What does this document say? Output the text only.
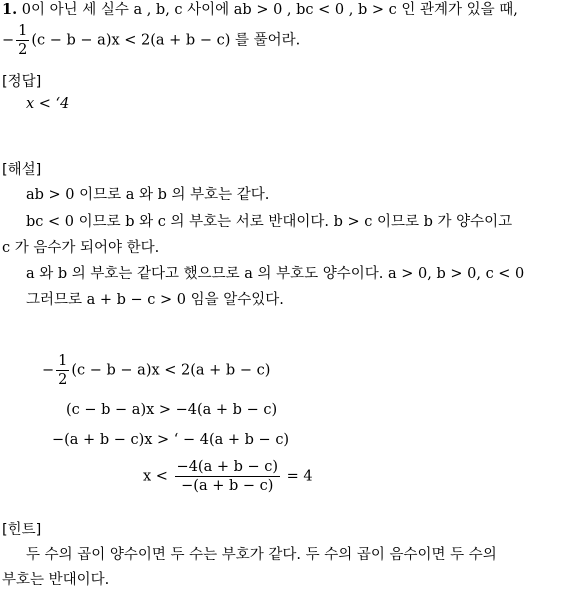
1. 0이 아닌 세 실수 a , b, c 사이에 ab > 0 , bc < 0 , b > c 인 관계가 있을 때,
− $\frac{1}{2} (c - b - a)x < 2(a + b - c)$ 를 풀어라.
[정답]
x < ‘4
[해설]
ab > 0 이므로 a 와 b 의 부호는 같다.
bc < 0 이므로 b 와 c 의 부호는 서로 반대이다. b > c 이므로 b 가 양수이고
c 가 음수가 되어야 한다.
a 와 b 의 부호는 같다고 했으므로 a 의 부호도 양수이다. a > 0, b > 0, c < 0
그러므로 a + b − c > 0 임을 알수있다.
− $\frac{1}{2} (c - b - a)x < 2(a + b - c)$
(c − b − a)x > −4(a + b − c)
−(a + b − c)x > ‘ − 4(a + b − c)
$x < \frac{-4(a + b - c)}{-(a + b - c)} = 4$
[힌트]
두 수의 곱이 양수이면 두 수는 부호가 같다. 두 수의 곱이 음수이면 두 수의
부호는 반대이다.
